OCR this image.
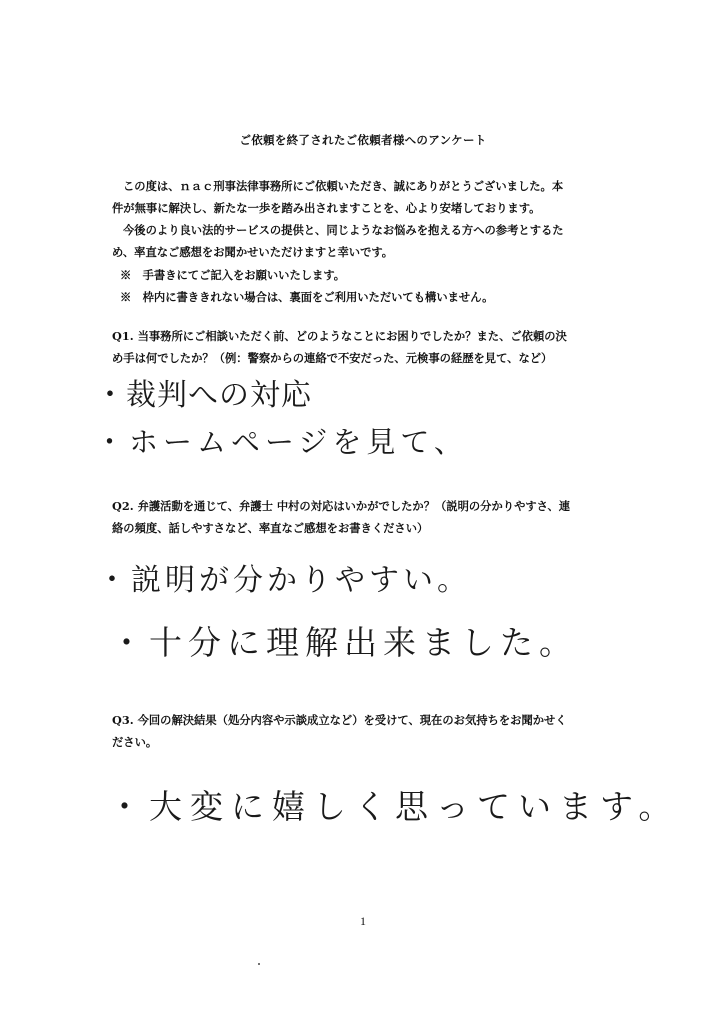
ご依頼を終了されたご依頼者様へのアンケート
この度は、ｎａｃ刑事法律事務所にご依頼いただき、誠にありがとうございました。本
件が無事に解決し、新たな一歩を踏み出されますことを、心より安堵しております。
今後のより良い法的サービスの提供と、同じようなお悩みを抱える方への参考とするた
め、率直なご感想をお聞かせいただけますと幸いです。
※　手書きにてご記入をお願いいたします。
※　枠内に書ききれない場合は、裏面をご利用いただいても構いません。
Q1. 当事務所にご相談いただく前、どのようなことにお困りでしたか？また、ご依頼の決
め手は何でしたか？（例：警察からの連絡で不安だった、元検事の経歴を見て、など）
・裁判への対応
・ホームページを見て、
Q2. 弁護活動を通じて、弁護士 中村の対応はいかがでしたか？（説明の分かりやすさ、連
絡の頻度、話しやすさなど、率直なご感想をお書きください）
・説明が分かりやすい。
・十分に理解出来ました。
Q3. 今回の解決結果（処分内容や示談成立など）を受けて、現在のお気持ちをお聞かせく
ださい。
・大変に嬉しく思っています。
1
